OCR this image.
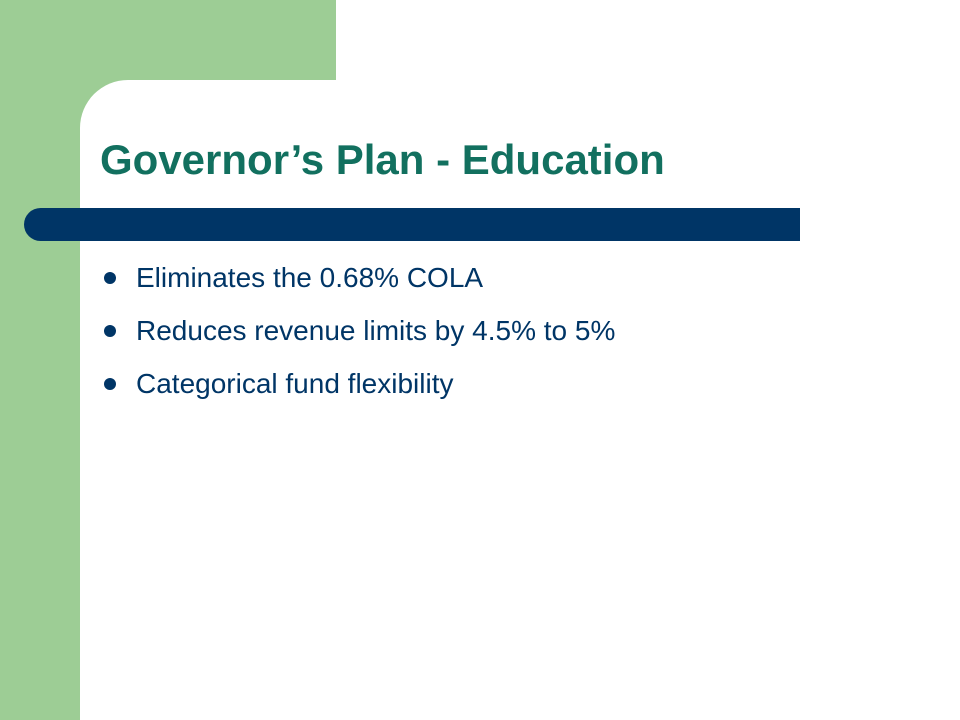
Governor’s Plan - Education
Eliminates the 0.68% COLA
Reduces revenue limits by 4.5% to 5%
Categorical fund flexibility
